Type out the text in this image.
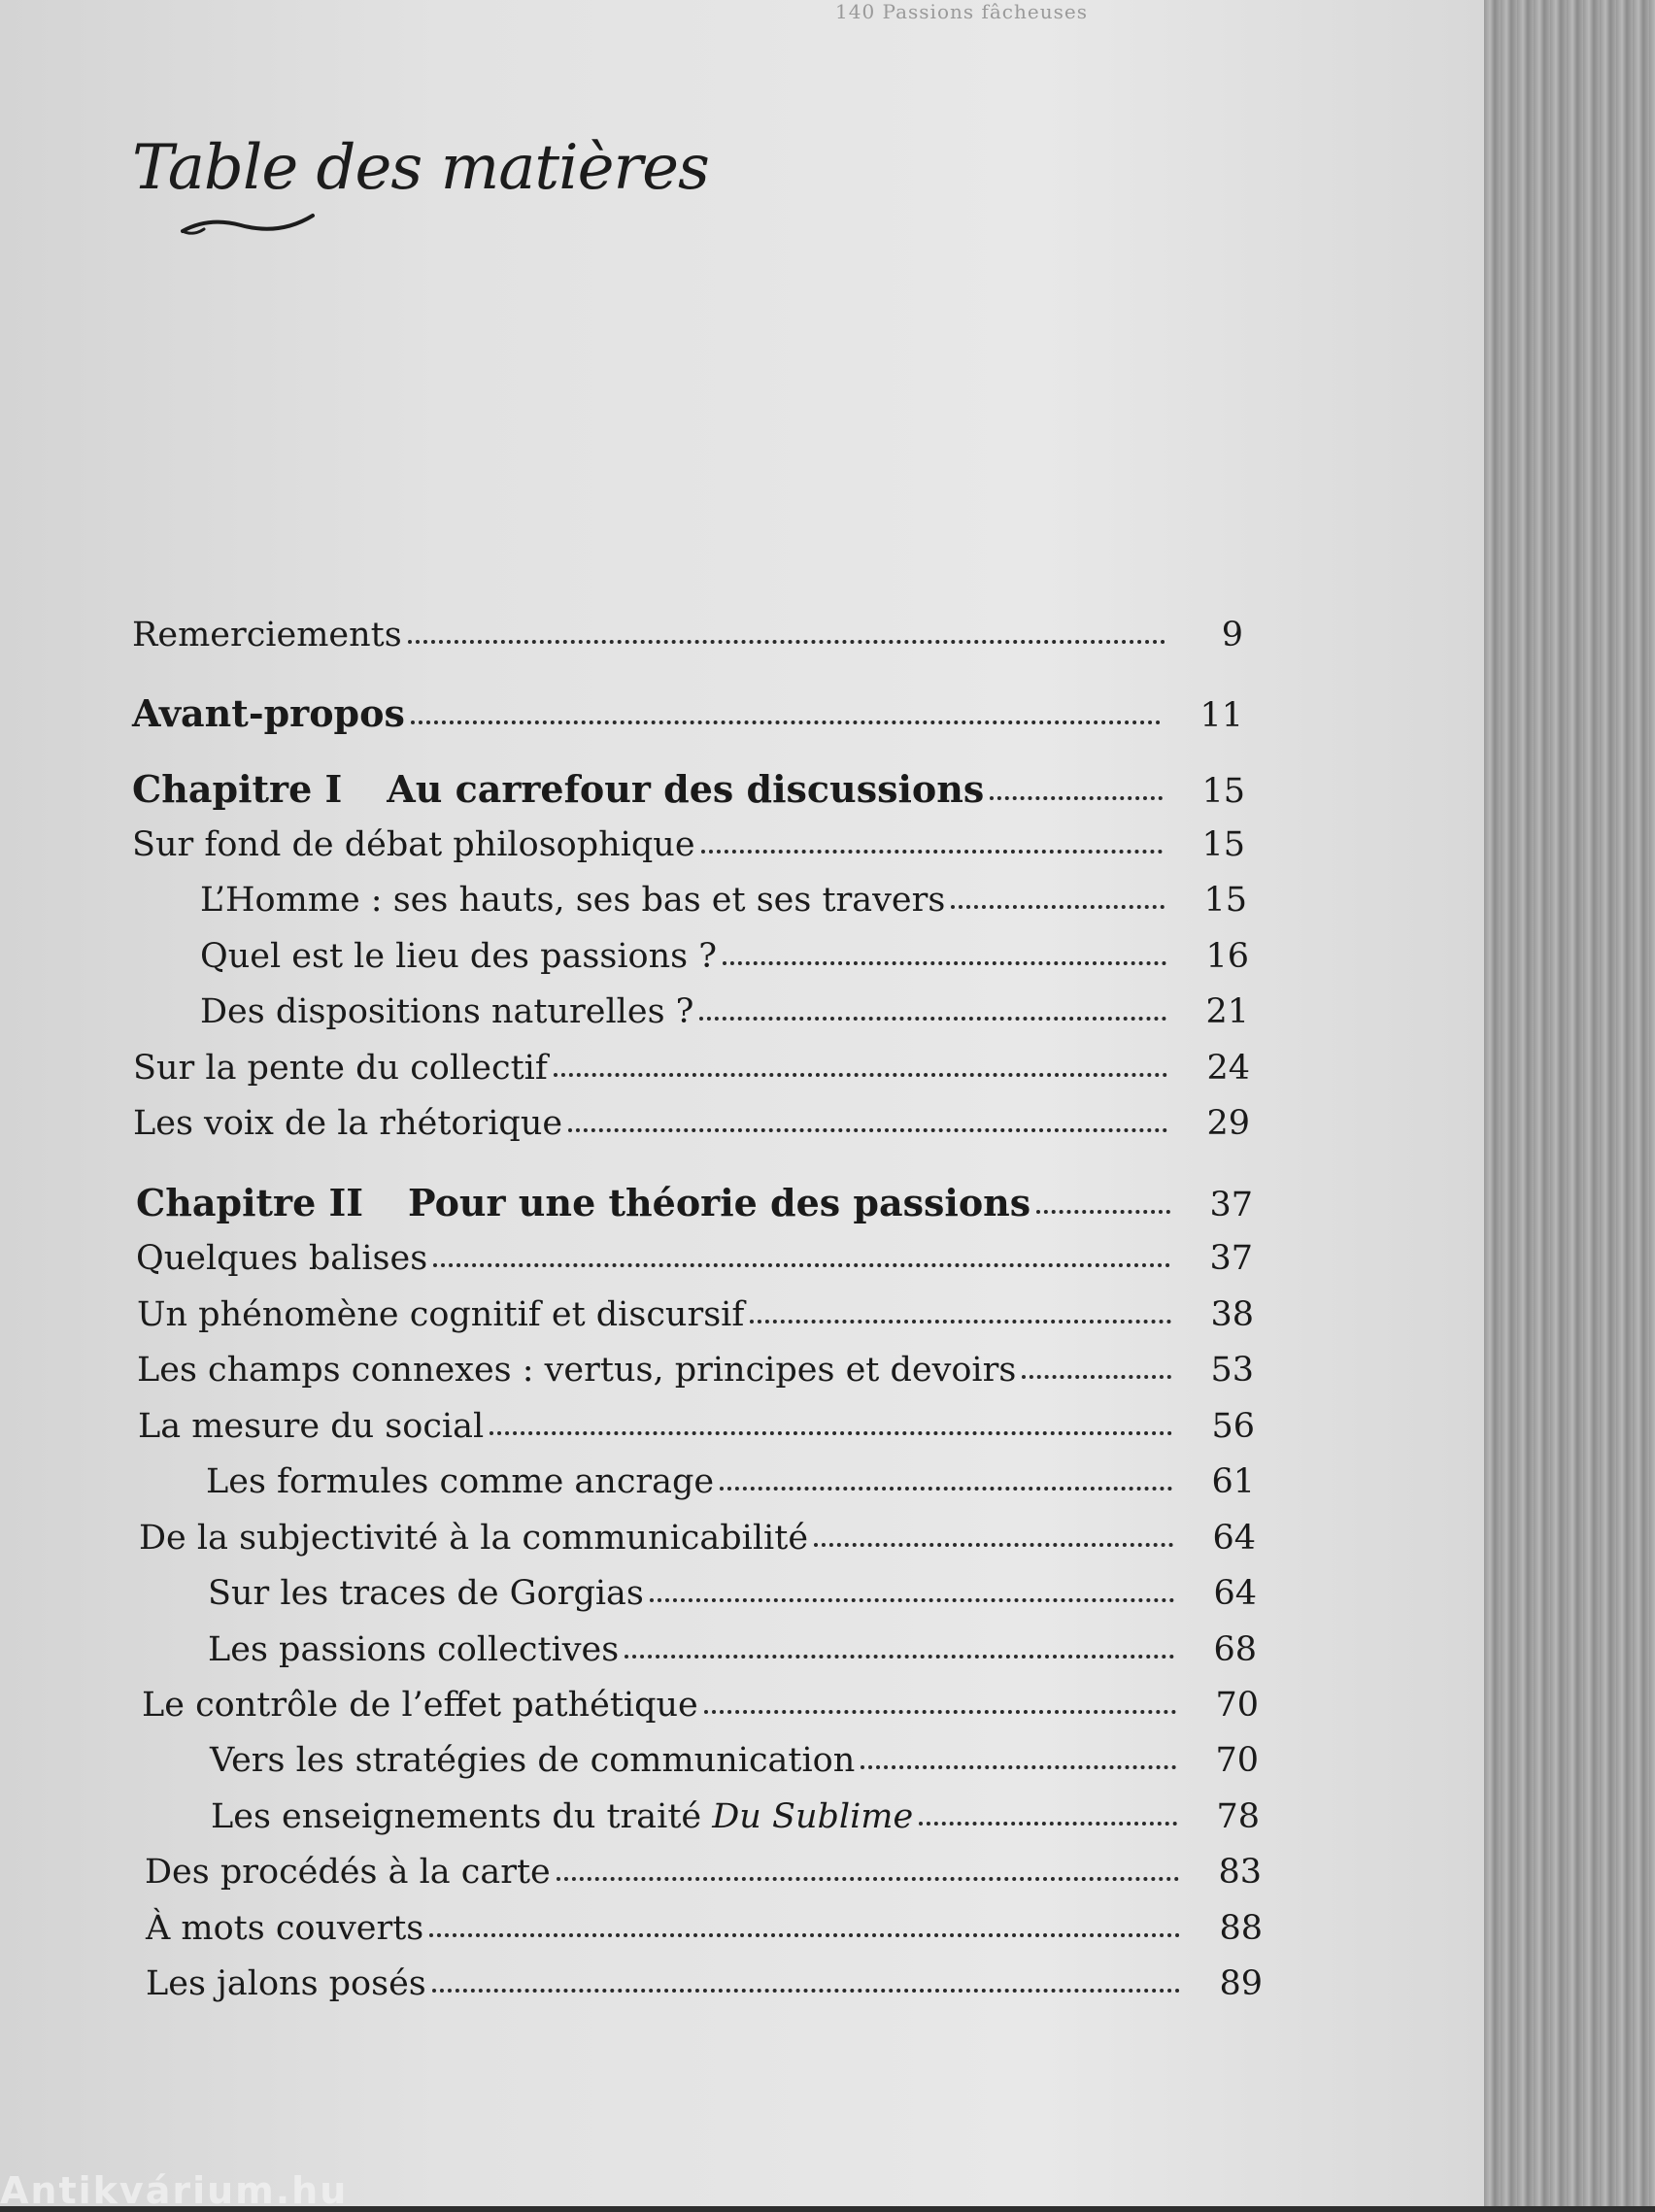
140 Passions fâcheuses
Table des matières
Remerciements	9
Avant-propos	11
Chapitre I Au carrefour des discussions	15
Sur fond de débat philosophique	15
L’Homme : ses hauts, ses bas et ses travers	15
Quel est le lieu des passions ?	16
Des dispositions naturelles ?	21
Sur la pente du collectif	24
Les voix de la rhétorique	29
Chapitre II Pour une théorie des passions	37
Quelques balises	37
Un phénomène cognitif et discursif	38
Les champs connexes : vertus, principes et devoirs	53
La mesure du social	56
Les formules comme ancrage	61
De la subjectivité à la communicabilité	64
Sur les traces de Gorgias	64
Les passions collectives	68
Le contrôle de l’effet pathétique	70
Vers les stratégies de communication	70
Les enseignements du traité Du Sublime	78
Des procédés à la carte	83
À mots couverts	88
Les jalons posés	89
Antikvárium.hu
